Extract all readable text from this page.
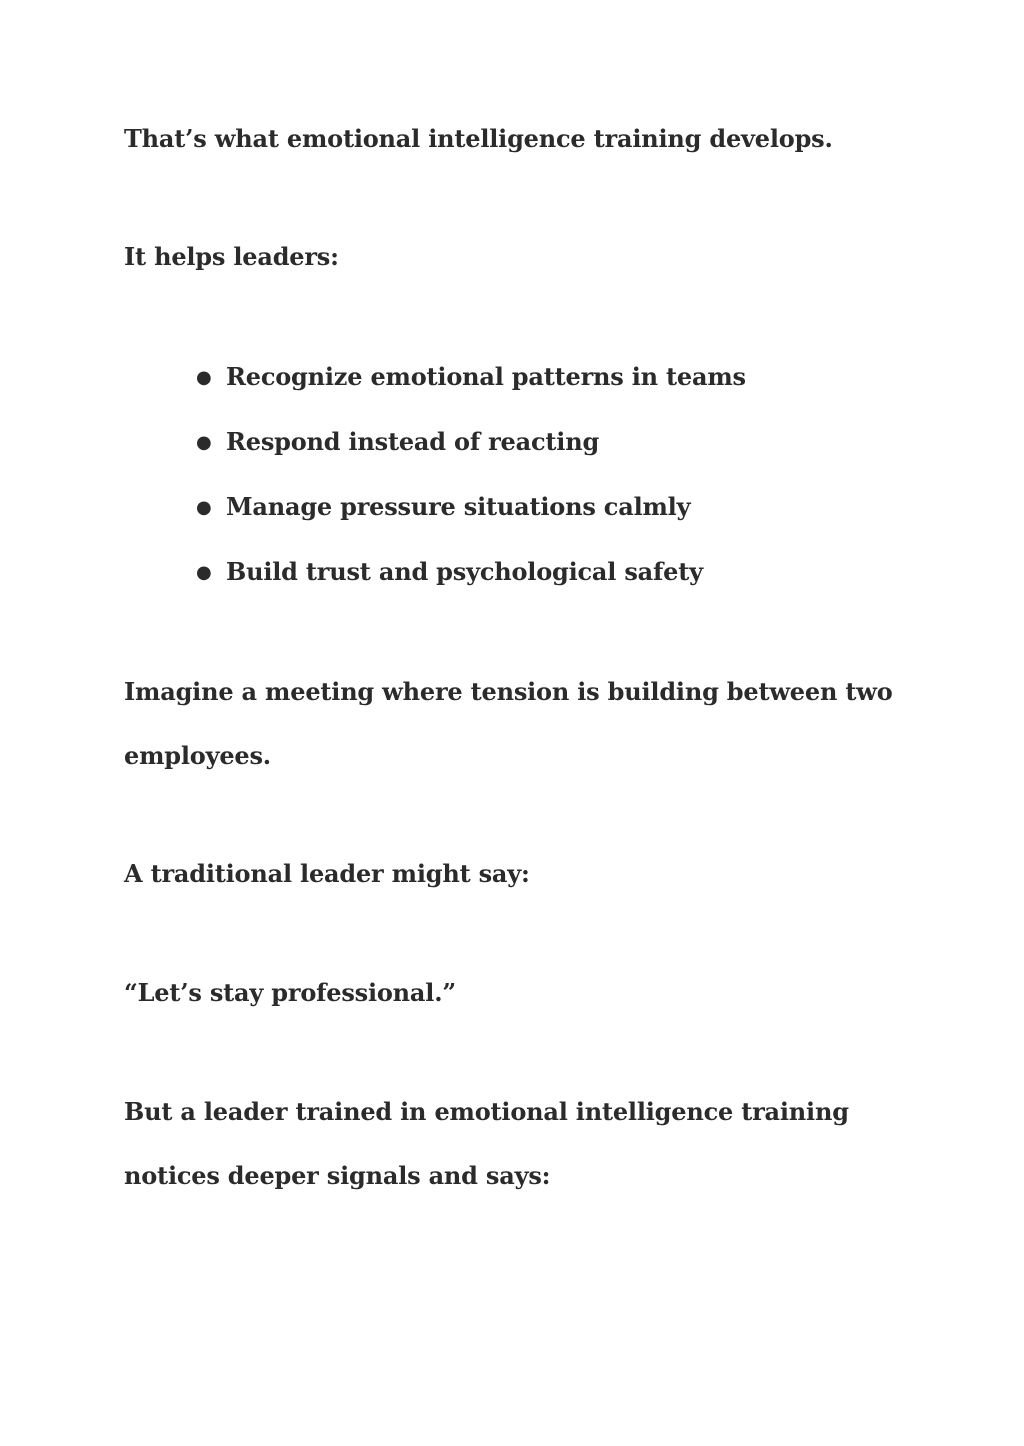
That’s what emotional intelligence training develops.
It helps leaders:
● Recognize emotional patterns in teams
● Respond instead of reacting
● Manage pressure situations calmly
● Build trust and psychological safety
Imagine a meeting where tension is building between two
employees.
A traditional leader might say:
“Let’s stay professional.”
But a leader trained in emotional intelligence training
notices deeper signals and says:
